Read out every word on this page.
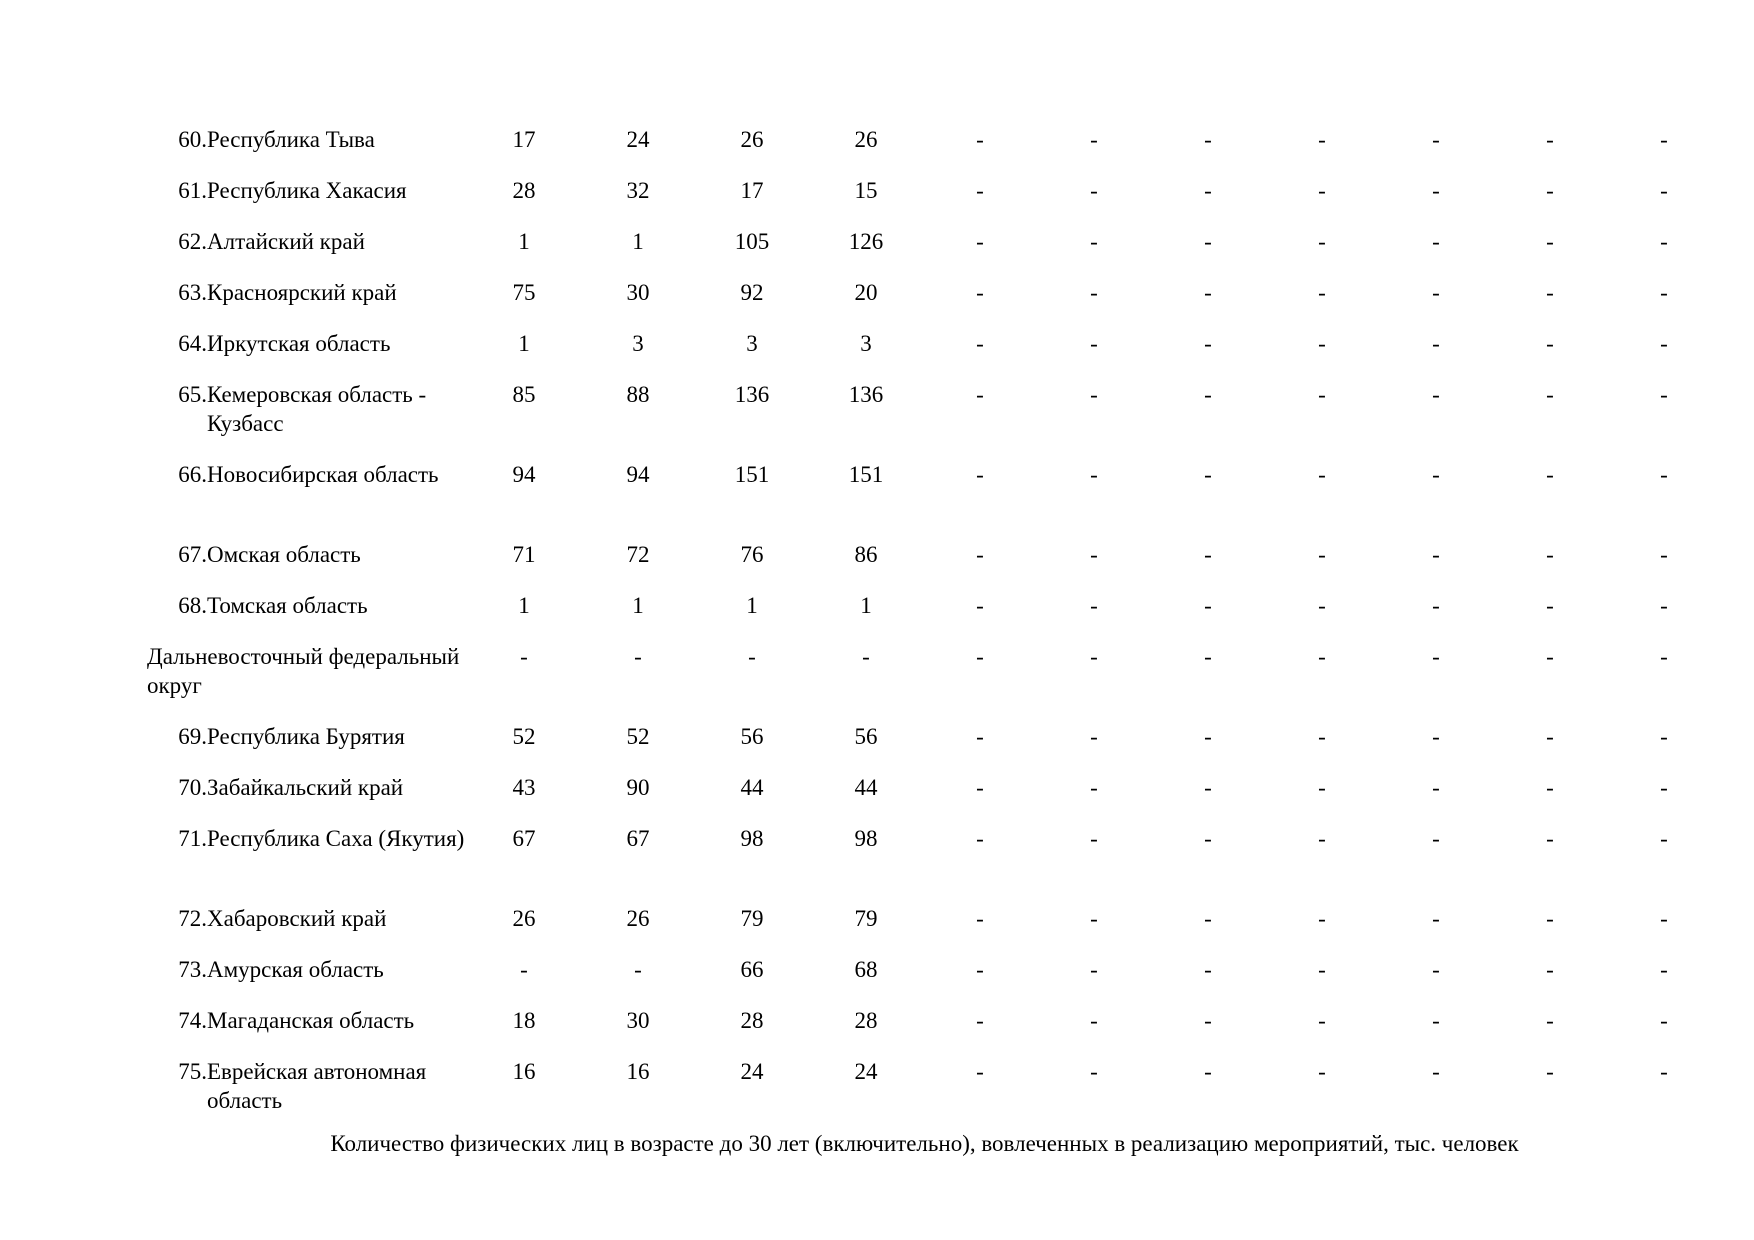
60.	Республика Тыва	17	24	26	26	-	-	-	-	-	-	-
61.	Республика Хакасия	28	32	17	15	-	-	-	-	-	-	-
62.	Алтайский край	1	1	105	126	-	-	-	-	-	-	-
63.	Красноярский край	75	30	92	20	-	-	-	-	-	-	-
64.	Иркутская область	1	3	3	3	-	-	-	-	-	-	-
65.	Кемеровская область - Кузбасс	85	88	136	136	-	-	-	-	-	-	-
66.	Новосибирская область	94	94	151	151	-	-	-	-	-	-	-
67.	Омская область	71	72	76	86	-	-	-	-	-	-	-
68.	Томская область	1	1	1	1	-	-	-	-	-	-	-
Дальневосточный федеральный округ		-	-	-	-	-	-	-	-	-	-	-
69.	Республика Бурятия	52	52	56	56	-	-	-	-	-	-	-
70.	Забайкальский край	43	90	44	44	-	-	-	-	-	-	-
71.	Республика Саха (Якутия)	67	67	98	98	-	-	-	-	-	-	-
72.	Хабаровский край	26	26	79	79	-	-	-	-	-	-	-
73.	Амурская область	-	-	66	68	-	-	-	-	-	-	-
74.	Магаданская область	18	30	28	28	-	-	-	-	-	-	-
75.	Еврейская автономная область	16	16	24	24	-	-	-	-	-	-	-
Количество физических лиц в возрасте до 30 лет (включительно), вовлеченных в реализацию мероприятий, тыс. человек
